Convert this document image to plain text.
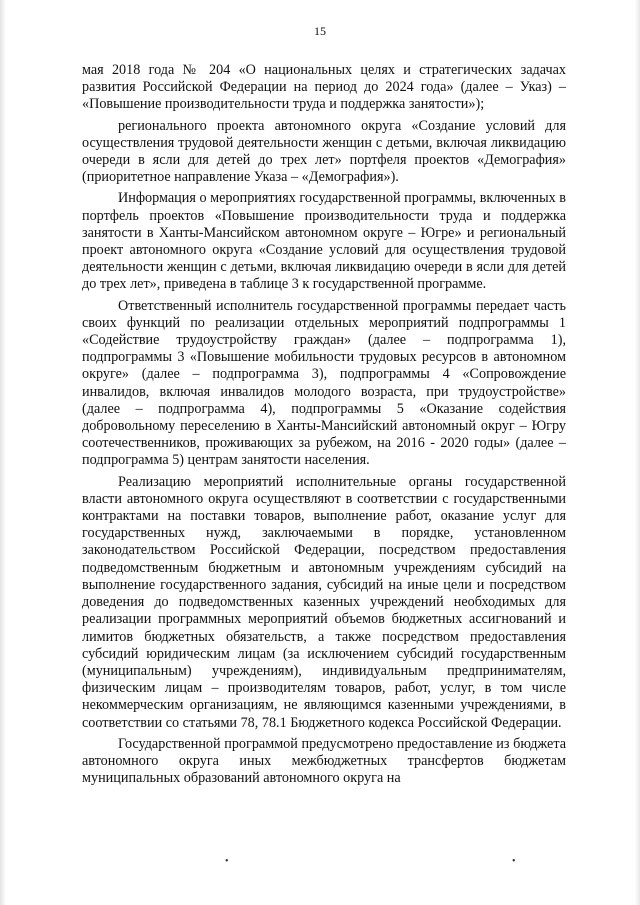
15

мая 2018 года № 204 «О национальных целях и стратегических задачах развития Российской Федерации на период до 2024 года» (далее – Указ) – «Повышение производительности труда и поддержка занятости»);

регионального проекта автономного округа «Создание условий для осуществления трудовой деятельности женщин с детьми, включая ликвидацию очереди в ясли для детей до трех лет» портфеля проектов «Демография» (приоритетное направление Указа – «Демография»).

Информация о мероприятиях государственной программы, включенных в портфель проектов «Повышение производительности труда и поддержка занятости в Ханты-Мансийском автономном округе – Югре» и региональный проект автономного округа «Создание условий для осуществления трудовой деятельности женщин с детьми, включая ликвидацию очереди в ясли для детей до трех лет», приведена в таблице 3 к государственной программе.

Ответственный исполнитель государственной программы передает часть своих функций по реализации отдельных мероприятий подпрограммы 1 «Содействие трудоустройству граждан» (далее – подпрограмма 1), подпрограммы 3 «Повышение мобильности трудовых ресурсов в автономном округе» (далее – подпрограмма 3), подпрограммы 4 «Сопровождение инвалидов, включая инвалидов молодого возраста, при трудоустройстве» (далее – подпрограмма 4), подпрограммы 5 «Оказание содействия добровольному переселению в Ханты-Мансийский автономный округ – Югру соотечественников, проживающих за рубежом, на 2016 - 2020 годы» (далее – подпрограмма 5) центрам занятости населения.

Реализацию мероприятий исполнительные органы государственной власти автономного округа осуществляют в соответствии с государственными контрактами на поставки товаров, выполнение работ, оказание услуг для государственных нужд, заключаемыми в порядке, установленном законодательством Российской Федерации, посредством предоставления подведомственным бюджетным и автономным учреждениям субсидий на выполнение государственного задания, субсидий на иные цели и посредством доведения до подведомственных казенных учреждений необходимых для реализации программных мероприятий объемов бюджетных ассигнований и лимитов бюджетных обязательств, а также посредством предоставления субсидий юридическим лицам (за исключением субсидий государственным (муниципальным) учреждениям), индивидуальным предпринимателям, физическим лицам – производителям товаров, работ, услуг, в том числе некоммерческим организациям, не являющимся казенными учреждениями, в соответствии со статьями 78, 78.1 Бюджетного кодекса Российской Федерации.

Государственной программой предусмотрено предоставление из бюджета автономного округа иных межбюджетных трансфертов бюджетам муниципальных образований автономного округа на

•	•
